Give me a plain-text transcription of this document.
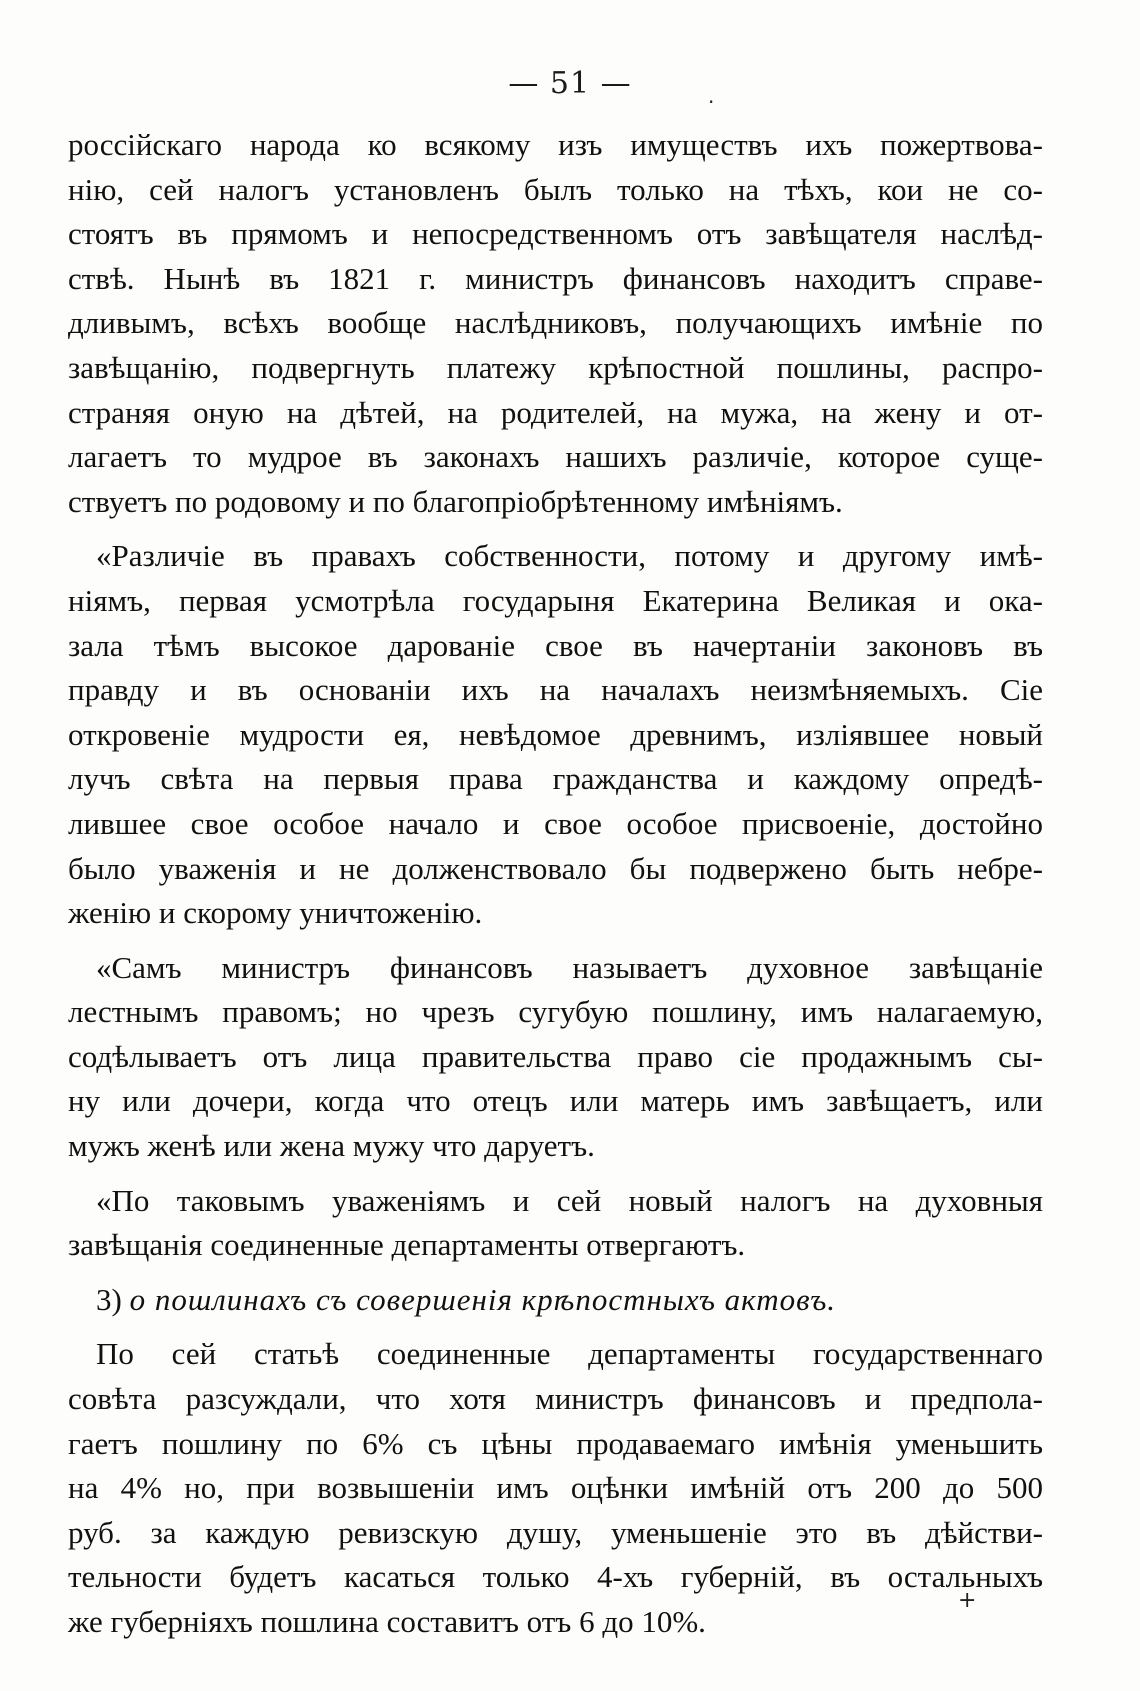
— 51 —
россійскаго народа ко всякому изъ имуществъ ихъ пожертвова-
нію, сей налогъ установленъ былъ только на тѣхъ, кои не со-
стоятъ въ прямомъ и непосредственномъ отъ завѣщателя наслѣд-
ствѣ. Нынѣ въ 1821 г. министръ финансовъ находитъ справе-
дливымъ, всѣхъ вообще наслѣдниковъ, получающихъ имѣніе по
завѣщанію, подвергнуть платежу крѣпостной пошлины, распро-
страняя оную на дѣтей, на родителей, на мужа, на жену и от-
лагаетъ то мудрое въ законахъ нашихъ различіе, которое суще-
ствуетъ по родовому и по благопріобрѣтенному имѣніямъ.
«Различіе въ правахъ собственности, потому и другому имѣ-
ніямъ, первая усмотрѣла государыня Екатерина Великая и ока-
зала тѣмъ высокое дарованіе свое въ начертаніи законовъ въ
правду и въ основаніи ихъ на началахъ неизмѣняемыхъ. Сіе
откровеніе мудрости ея, невѣдомое древнимъ, изліявшее новый
лучъ свѣта на первыя права гражданства и каждому опредѣ-
лившее свое особое начало и свое особое присвоеніе, достойно
было уваженія и не долженствовало бы подвержено быть небре-
женію и скорому уничтоженію.
«Самъ министръ финансовъ называетъ духовное завѣщаніе
лестнымъ правомъ; но чрезъ сугубую пошлину, имъ налагаемую,
содѣлываетъ отъ лица правительства право сіе продажнымъ сы-
ну или дочери, когда что отецъ или матерь имъ завѣщаетъ, или
мужъ женѣ или жена мужу что даруетъ.
«По таковымъ уваженіямъ и сей новый налогъ на духовныя
завѣщанія соединенные департаменты отвергаютъ.
3) о пошлинахъ съ совершенія крѣпостныхъ актовъ.
По сей статьѣ соединенные департаменты государственнаго
совѣта разсуждали, что хотя министръ финансовъ и предпола-
гаетъ пошлину по 6% съ цѣны продаваемаго имѣнія уменьшить
на 4% но, при возвышеніи имъ оцѣнки имѣній отъ 200 до 500
руб. за каждую ревизскую душу, уменьшеніе это въ дѣйстви-
тельности будетъ касаться только 4-хъ губерній, въ остальныхъ
же губерніяхъ пошлина составитъ отъ 6 до 10%.
+
·
